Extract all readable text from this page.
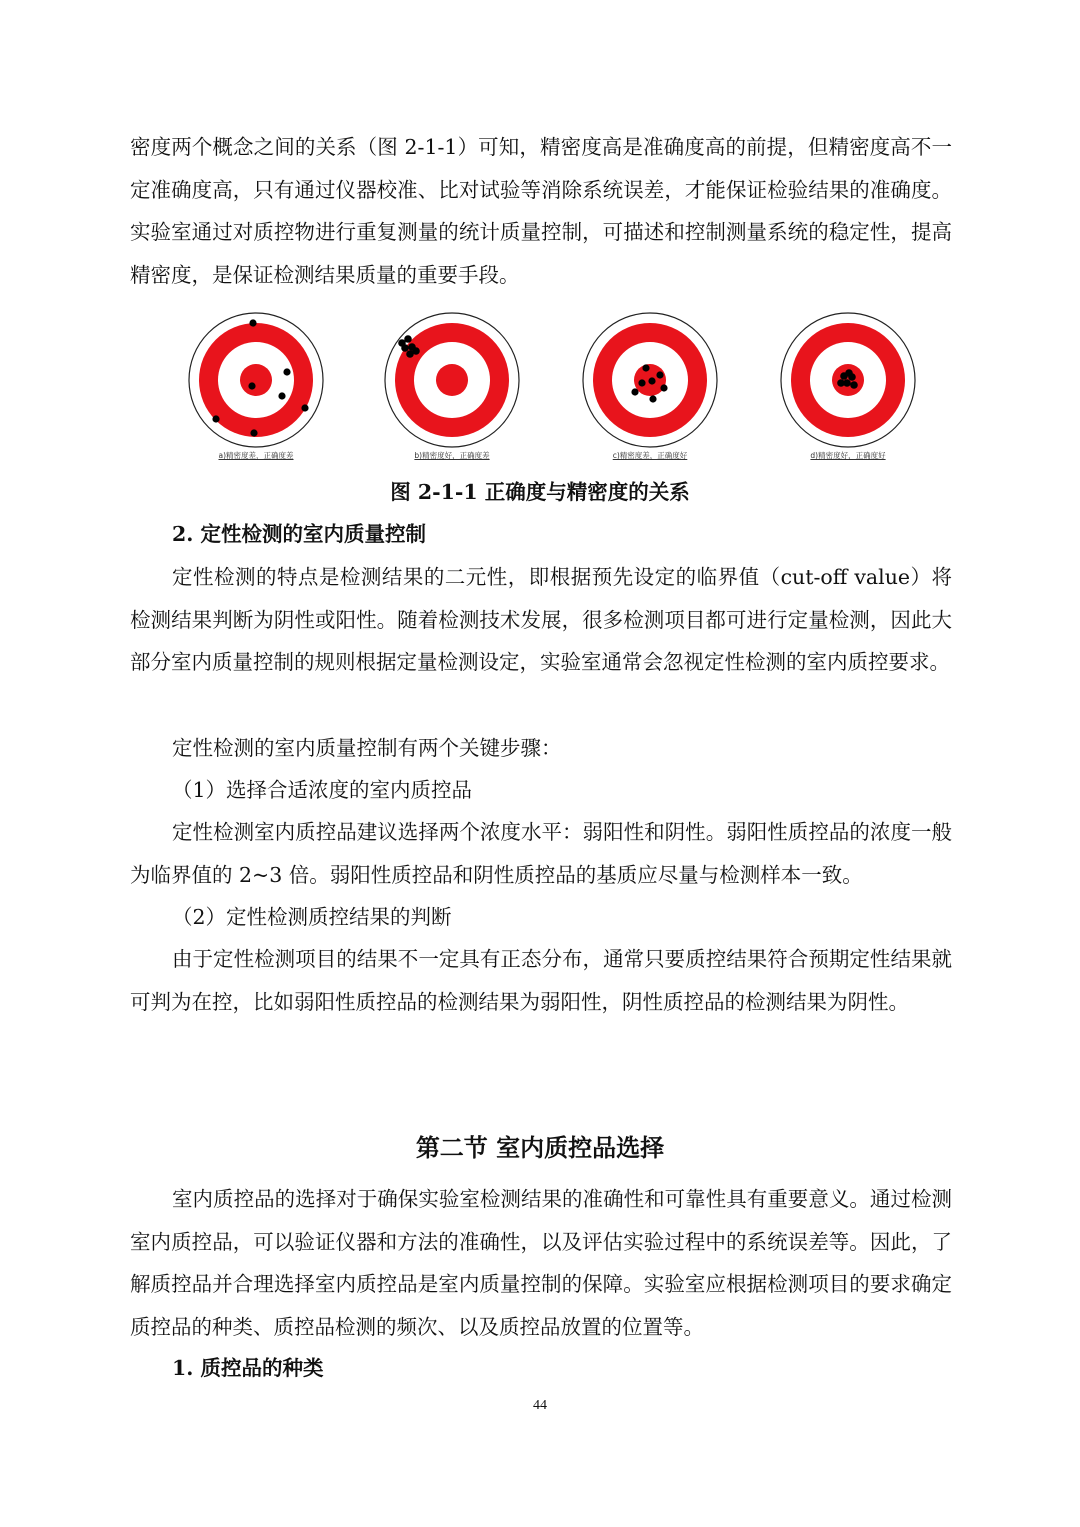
密度两个概念之间的关系（图 2-1-1）可知，精密度高是准确度高的前提，但精密度高不一定准确度高，只有通过仪器校准、比对试验等消除系统误差，才能保证检验结果的准确度。实验室通过对质控物进行重复测量的统计质量控制，可描述和控制测量系统的稳定性，提高精密度，是保证检测结果质量的重要手段。

a)精密度差，正确度差	b)精密度好，正确度差	c)精密度差，正确度好	d)精密度好，正确度好
图 2-1-1 正确度与精密度的关系

2. 定性检测的室内质量控制

定性检测的特点是检测结果的二元性，即根据预先设定的临界值（cut-off value）将检测结果判断为阴性或阳性。随着检测技术发展，很多检测项目都可进行定量检测，因此大部分室内质量控制的规则根据定量检测设定，实验室通常会忽视定性检测的室内质控要求。

定性检测的室内质量控制有两个关键步骤：

（1）选择合适浓度的室内质控品

定性检测室内质控品建议选择两个浓度水平：弱阳性和阴性。弱阳性质控品的浓度一般为临界值的 2~3 倍。弱阳性质控品和阴性质控品的基质应尽量与检测样本一致。

（2）定性检测质控结果的判断

由于定性检测项目的结果不一定具有正态分布，通常只要质控结果符合预期定性结果就可判为在控，比如弱阳性质控品的检测结果为弱阳性，阴性质控品的检测结果为阴性。

第二节 室内质控品选择

室内质控品的选择对于确保实验室检测结果的准确性和可靠性具有重要意义。通过检测室内质控品，可以验证仪器和方法的准确性，以及评估实验过程中的系统误差等。因此，了解质控品并合理选择室内质控品是室内质量控制的保障。实验室应根据检测项目的要求确定质控品的种类、质控品检测的频次、以及质控品放置的位置等。

1. 质控品的种类

44
